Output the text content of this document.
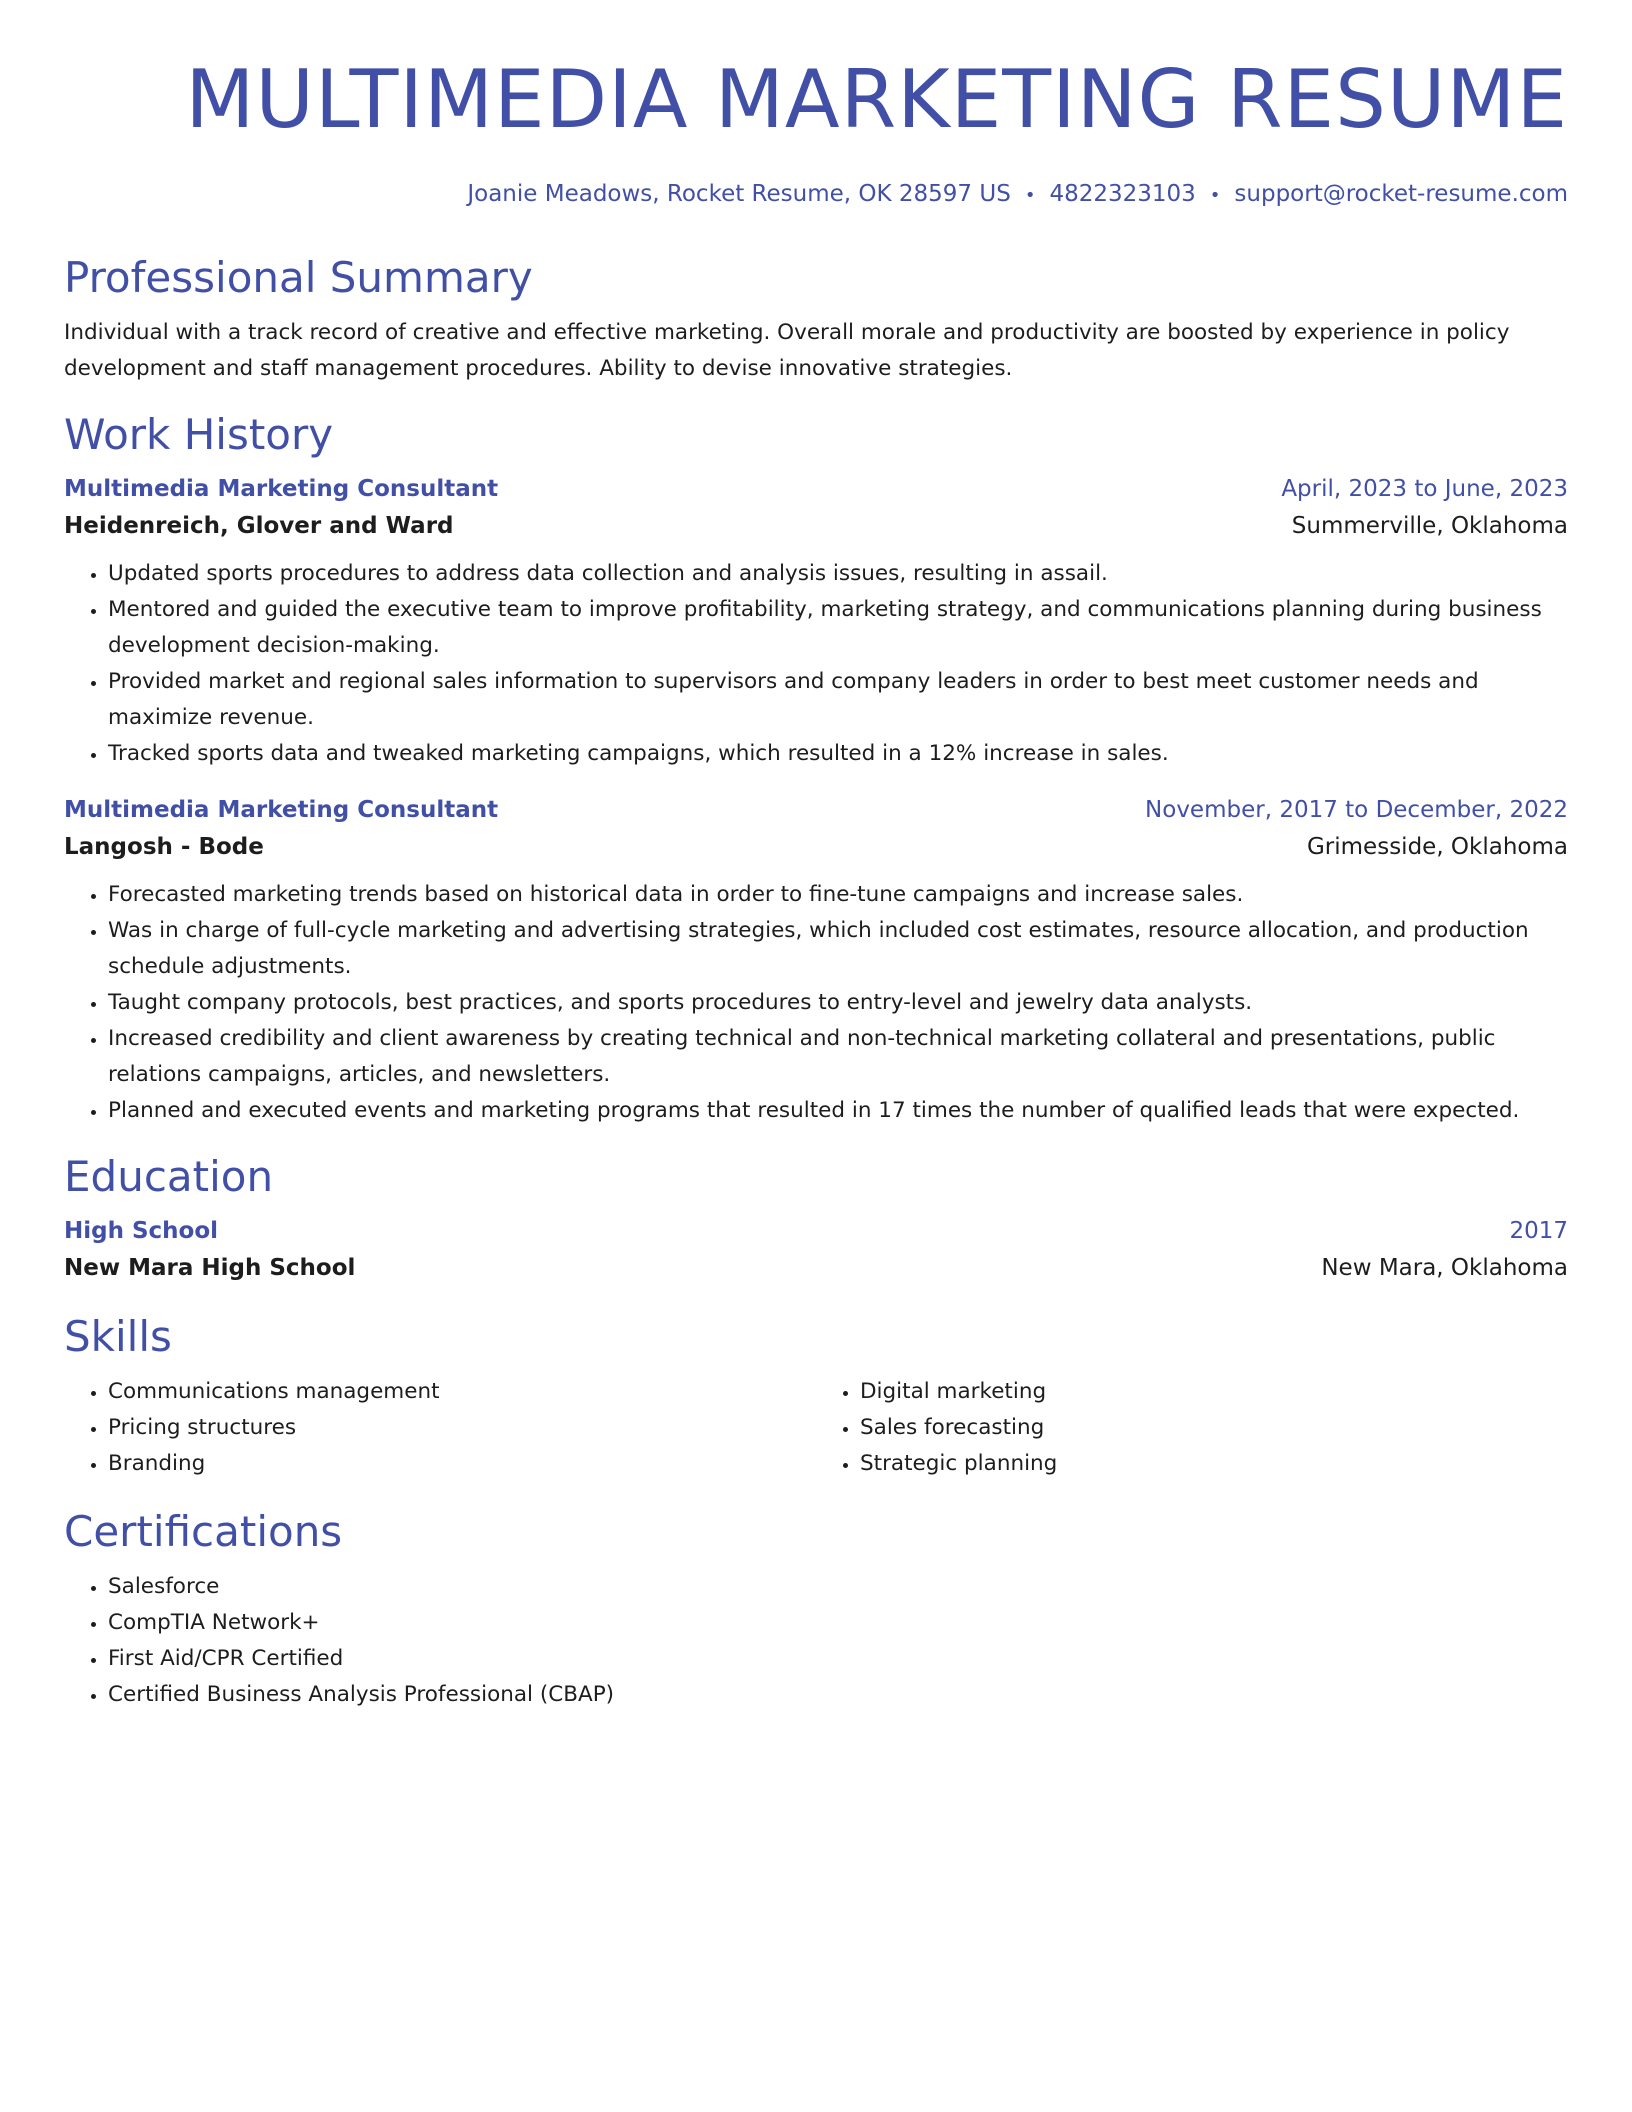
MULTIMEDIA MARKETING RESUME
Joanie Meadows, Rocket Resume, OK 28597 US • 4822323103 • support@rocket-resume.com
Professional Summary

Individual with a track record of creative and effective marketing. Overall morale and productivity are boosted by experience in policy development and staff management procedures. Ability to devise innovative strategies.

Work History
Multimedia Marketing Consultant	April, 2023 to June, 2023
Heidenreich, Glover and Ward	Summerville, Oklahoma
• Updated sports procedures to address data collection and analysis issues, resulting in assail.
• Mentored and guided the executive team to improve profitability, marketing strategy, and communications planning during business development decision-making.
• Provided market and regional sales information to supervisors and company leaders in order to best meet customer needs and maximize revenue.
• Tracked sports data and tweaked marketing campaigns, which resulted in a 12% increase in sales.
Multimedia Marketing Consultant	November, 2017 to December, 2022
Langosh - Bode	Grimesside, Oklahoma
• Forecasted marketing trends based on historical data in order to fine-tune campaigns and increase sales.
• Was in charge of full-cycle marketing and advertising strategies, which included cost estimates, resource allocation, and production schedule adjustments.
• Taught company protocols, best practices, and sports procedures to entry-level and jewelry data analysts.
• Increased credibility and client awareness by creating technical and non-technical marketing collateral and presentations, public relations campaigns, articles, and newsletters.
• Planned and executed events and marketing programs that resulted in 17 times the number of qualified leads that were expected.
Education
High School	2017
New Mara High School	New Mara, Oklahoma
Skills
• Communications management
• Pricing structures
• Branding
• Digital marketing
• Sales forecasting
• Strategic planning
Certifications
• Salesforce
• CompTIA Network+
• First Aid/CPR Certified
• Certified Business Analysis Professional (CBAP)
